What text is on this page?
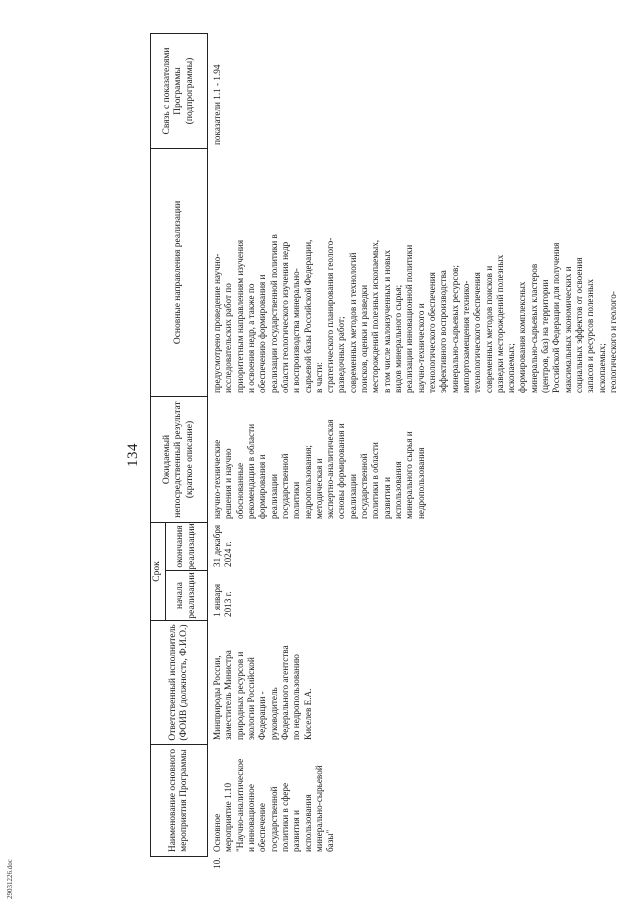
29031226.doc
134
Наименование основного мероприятия Программы
Ответственный исполнитель (ФОИВ (должность, Ф.И.О.)
Срок
начала реализации
окончания реализации
Ожидаемый непосредственный результат (краткое описание)
Основные направления реализации
Связь с показателями Программы (подпрограммы)
10.
Основное
мероприятие 1.10
"Научно-аналитическое
и инновационное
обеспечение
государственной
политики в сфере
развития и
использования
минерально-сырьевой
базы"
Минприроды России,
заместитель Министра
природных ресурсов и
экологии Российской
Федерации -
руководитель
Федерального агентства
по недропользованию
Киселев Е.А.
1 января
2013 г.
31 декабря
2024 г.
научно-технические
решения и научно
обоснованные
рекомендации в области
формирования и
реализации
государственной
политики
недропользования;
методическая и
экспертно-аналитическая
основы формирования и
реализации
государственной
политики в области
развития и
использования
минерального сырья и
недропользования
предусмотрено проведение научно-
исследовательских работ по
приоритетным направлениям изучения
и освоения недр, а также по
обеспечению формирования и
реализации государственной политики в
области геологического изучения недр
и воспроизводства минерально-
сырьевой базы Российской Федерации,
в части:
стратегического планирования геолого-
разведочных работ;
современных методов и технологий
поисков, оценки и разведки
месторождений полезных ископаемых,
в том числе малоизученных и новых
видов минерального сырья;
реализации инновационной политики
научно-технического и
технологического обеспечения
эффективного воспроизводства
минерально-сырьевых ресурсов;
импортозамещения технико-
технологического обеспечения
современных методов поисков и
разведки месторождений полезных
ископаемых;
формирования комплексных
минерально-сырьевых кластеров
(центров, баз) на территории
Российской Федерации для получения
максимальных экономических и
социальных эффектов от освоения
запасов и ресурсов полезных
ископаемых;
геологического и геолого-
показатели 1.1 - 1.94
